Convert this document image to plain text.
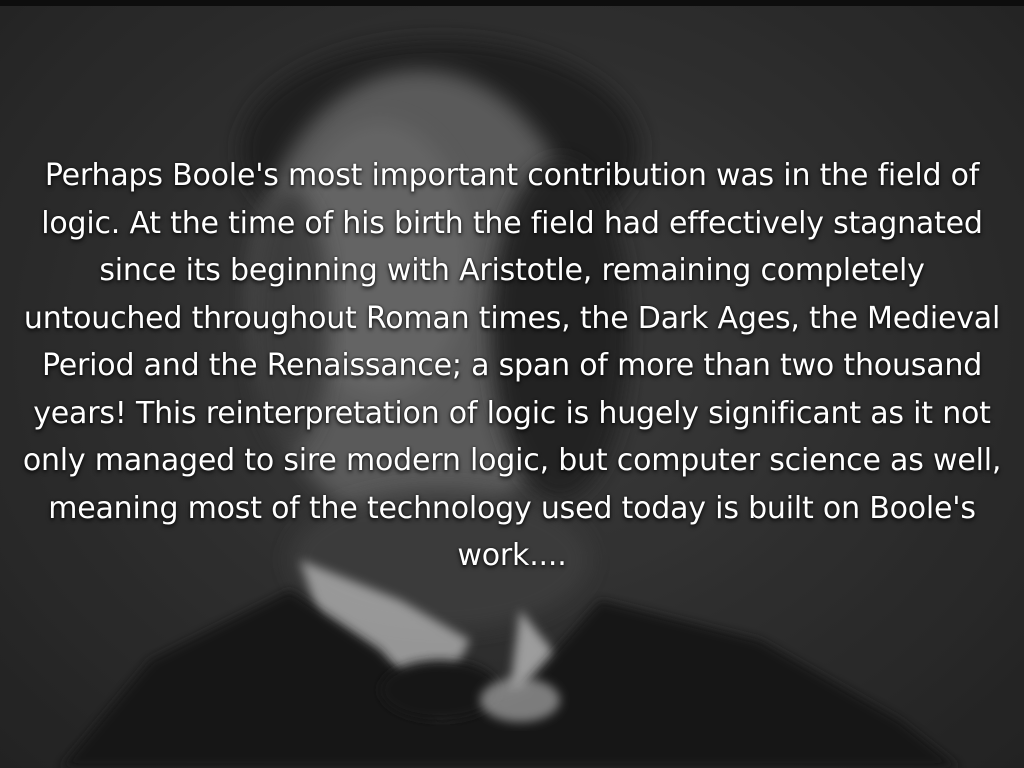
Perhaps Boole's most important contribution was in the field of logic. At the time of his birth the field had effectively stagnated since its beginning with Aristotle, remaining completely untouched throughout Roman times, the Dark Ages, the Medieval Period and the Renaissance; a span of more than two thousand years! This reinterpretation of logic is hugely significant as it not only managed to sire modern logic, but computer science as well, meaning most of the technology used today is built on Boole's work....
